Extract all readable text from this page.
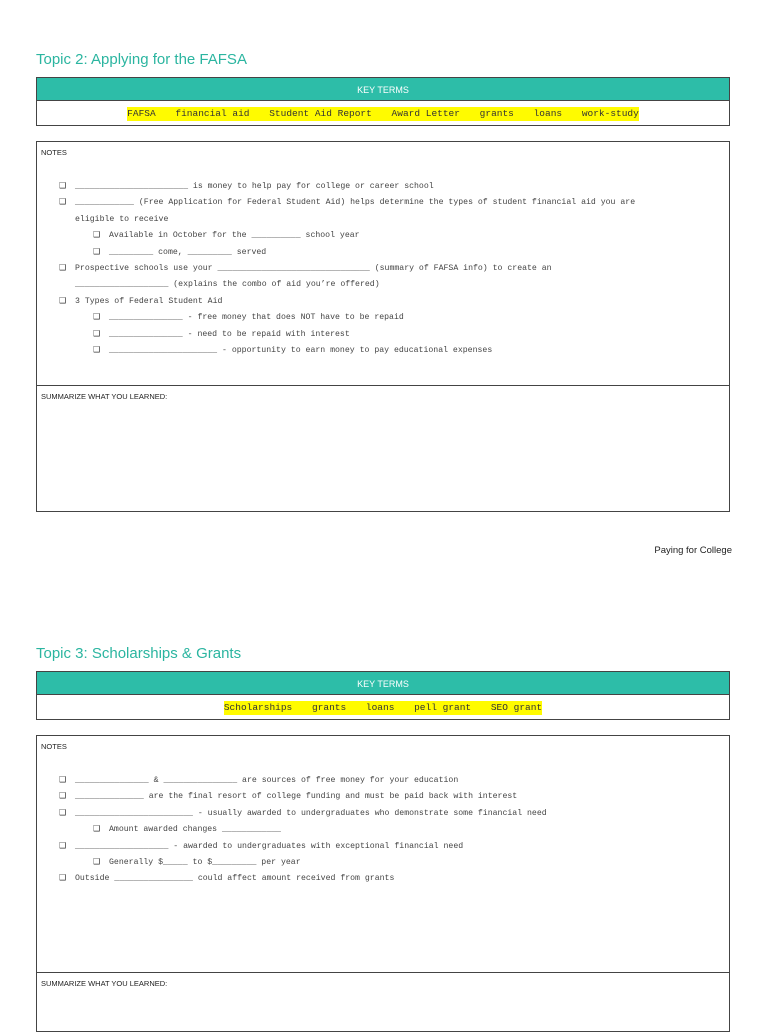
Topic 2: Applying for the FAFSA
KEY TERMS
FAFSA financial aid Student Aid Report Award Letter grants loans work-study
NOTES
❑ _______________________ is money to help pay for college or career school
❑ ____________ (Free Application for Federal Student Aid) helps determine the types of student financial aid you are
eligible to receive
❑ Available in October for the __________ school year
❑ _________ come, _________ served
❑ Prospective schools use your _______________________________ (summary of FAFSA info) to create an
___________________ (explains the combo of aid you’re offered)
❑ 3 Types of Federal Student Aid
❑ _______________ - free money that does NOT have to be repaid
❑ _______________ - need to be repaid with interest
❑ ______________________ - opportunity to earn money to pay educational expenses
SUMMARIZE WHAT YOU LEARNED:
Paying for College
Topic 3: Scholarships & Grants
KEY TERMS
Scholarships grants loans pell grant SEO grant
NOTES
❑ _______________ & _______________ are sources of free money for your education
❑ ______________ are the final resort of college funding and must be paid back with interest
❑ ________________________ - usually awarded to undergraduates who demonstrate some financial need
❑ Amount awarded changes ____________
❑ ___________________ - awarded to undergraduates with exceptional financial need
❑ Generally $_____ to $_________ per year
❑ Outside ________________ could affect amount received from grants
SUMMARIZE WHAT YOU LEARNED:
